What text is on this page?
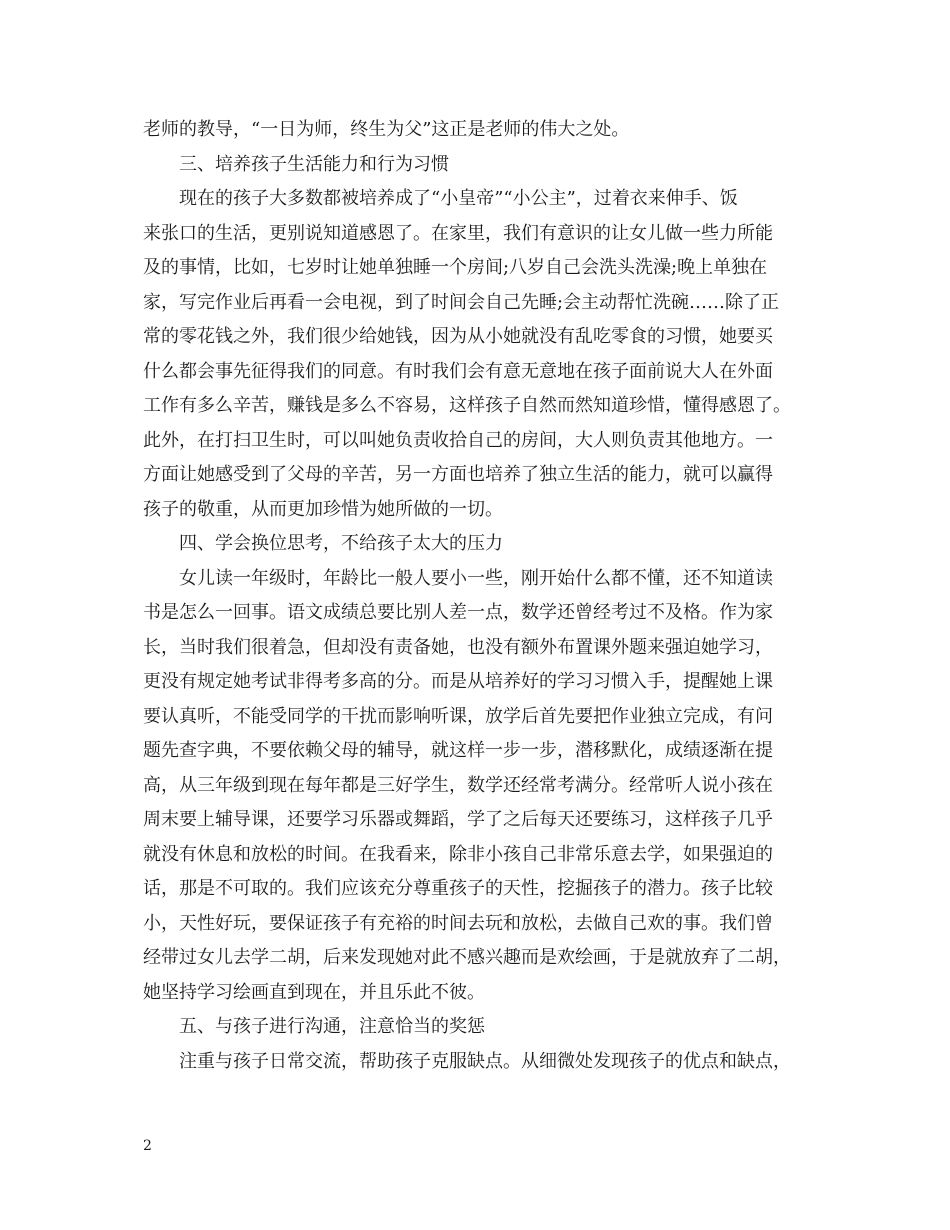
老师的教导，“一日为师，终生为父”这正是老师的伟大之处。
三、培养孩子生活能力和行为习惯
现在的孩子大多数都被培养成了“小皇帝”“小公主”，过着衣来伸手、饭
来张口的生活，更别说知道感恩了。在家里，我们有意识的让女儿做一些力所能
及的事情，比如，七岁时让她单独睡一个房间;八岁自己会洗头洗澡;晚上单独在
家，写完作业后再看一会电视，到了时间会自己先睡;会主动帮忙洗碗……除了正
常的零花钱之外，我们很少给她钱，因为从小她就没有乱吃零食的习惯，她要买
什么都会事先征得我们的同意。有时我们会有意无意地在孩子面前说大人在外面
工作有多么辛苦，赚钱是多么不容易，这样孩子自然而然知道珍惜，懂得感恩了。
此外，在打扫卫生时，可以叫她负责收拾自己的房间，大人则负责其他地方。一
方面让她感受到了父母的辛苦，另一方面也培养了独立生活的能力，就可以赢得
孩子的敬重，从而更加珍惜为她所做的一切。
四、学会换位思考，不给孩子太大的压力
女儿读一年级时，年龄比一般人要小一些，刚开始什么都不懂，还不知道读
书是怎么一回事。语文成绩总要比别人差一点，数学还曾经考过不及格。作为家
长，当时我们很着急，但却没有责备她，也没有额外布置课外题来强迫她学习，
更没有规定她考试非得考多高的分。而是从培养好的学习习惯入手，提醒她上课
要认真听，不能受同学的干扰而影响听课，放学后首先要把作业独立完成，有问
题先查字典，不要依赖父母的辅导，就这样一步一步，潜移默化，成绩逐渐在提
高，从三年级到现在每年都是三好学生，数学还经常考满分。经常听人说小孩在
周末要上辅导课，还要学习乐器或舞蹈，学了之后每天还要练习，这样孩子几乎
就没有休息和放松的时间。在我看来，除非小孩自己非常乐意去学，如果强迫的
话，那是不可取的。我们应该充分尊重孩子的天性，挖掘孩子的潜力。孩子比较
小，天性好玩，要保证孩子有充裕的时间去玩和放松，去做自己欢的事。我们曾
经带过女儿去学二胡，后来发现她对此不感兴趣而是欢绘画，于是就放弃了二胡，
她坚持学习绘画直到现在，并且乐此不彼。
五、与孩子进行沟通，注意恰当的奖惩
注重与孩子日常交流，帮助孩子克服缺点。从细微处发现孩子的优点和缺点，
2
